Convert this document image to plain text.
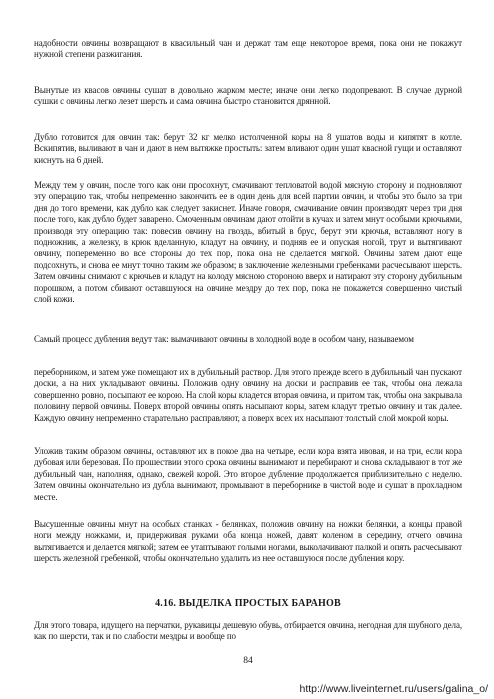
надобности овчины возвращают в квасильный чан и держат там еще некоторое время, пока они не покажут нужной степени разжигания.

Вынутые из квасов овчины сушат в довольно жарком месте; иначе они легко подопревают. В случае дурной сушки с овчины легко лезет шерсть и сама овчина быстро становится дрянной.

Дубло готовится для овчин так: берут 32 кг мелко истолченной коры на 8 ушатов воды и кипятят в котле. Вскипятив, выливают в чан и дают в нем вытяжке простыть: затем вливают один ушат квасной гущи и оставляют киснуть на 6 дней.

Между тем у овчин, после того как они просохнут, смачивают тепловатой водой мясную сторону и подновляют эту операцию так, чтобы непременно закончить ее в один день для всей партии овчин, и чтобы это было за три дня до того времени, как дубло как следует закиснет. Иначе говоря, смачивание овчин производят через три дня после того, как дубло будет заварено. Смоченным овчинам дают отойти в кучах и затем мнут особыми крючьями, производя эту операцию так: повесив овчину на гвоздь, вбитый в брус, берут эти крючья, вставляют ногу в подножник, а железку, в крюк вделанную, кладут на овчину, и подняв ее и опуская ногой, трут и вытягивают овчину, попеременно во все стороны до тех пор, пока она не сделается мягкой. Овчины затем дают еще подсохнуть, и снова ее мнут точно таким же образом; в заключение железными гребенками расчесывают шерсть. Затем овчины снимают с крючьев и кладут на колоду мясною стороною вверх и натирают эту сторону дубильным порошком, а потом сбивают оставшуюся на овчине мездру до тех пор, пока не покажется совершенно чистый слой кожи.

Самый процесс дубления ведут так: вымачивают овчины в холодной воде в особом чану, называемом

переборником, и затем уже помещают их в дубильный раствор. Для этого прежде всего в дубильный чан пускают доски, а на них укладывают овчины. Положив одну овчину на доски и расправив ее так, чтобы она лежала совершенно ровно, посыпают ее корою. На слой коры кладется вторая овчина, и притом так, чтобы она закрывала половину первой овчины. Поверх второй овчины опять насыпают коры, затем кладут третью овчину и так далее. Каждую овчину непременно старательно расправляют, а поверх всех их насыпают толстый слой мокрой коры.

Уложив таким образом овчины, оставляют их в покое два на четыре, если кора взята ивовая, и на три, если кора дубовая или березовая. По прошествии этого срока овчины вынимают и перебирают и снова складывают в тот же дубильный чан, наполняя, однако, свежей корой. Это второе дубление продолжается приблизительно с неделю. Затем овчины окончательно из дубла вынимают, промывают в переборнике в чистой воде и сушат в прохладном месте.

Высушенные овчины мнут на особых станках - белянках, положив овчину на ножки белянки, а концы правой ноги между ножками, и, придерживая руками оба конца ножей, давят коленом в середину, отчего овчина вытягивается и делается мягкой; затем ее утаптывают голыми ногами, выколачивают палкой и опять расчесывают шерсть железной гребенкой, чтобы окончательно удалить из нее оставшуюся после дубления кору.

4.16. ВЫДЕЛКА ПРОСТЫХ БАРАНОВ

Для этого товара, идущего на перчатки, рукавицы дешевую обувь, отбирается овчина, негодная для шубного дела, как по шерсти, так и по слабости мездры и вообще по

84
http://www.liveinternet.ru/users/galina_o/
